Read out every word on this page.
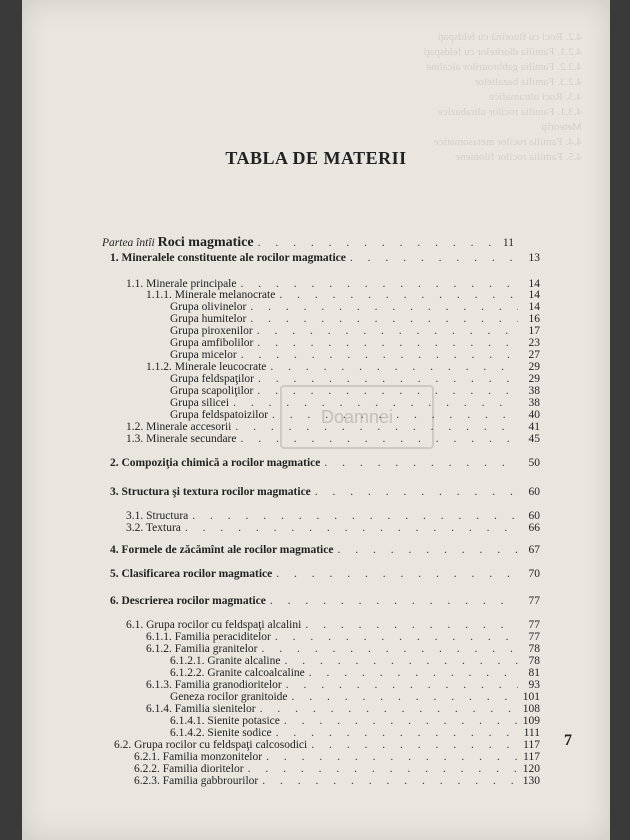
4.2. Roci cu fluorină cu feldspaţi
4.2.1. Familia dioritelor cu feldspaţi
4.2.2. Familia gabbrourilor alcaline
4.2.3. Familia bazaltelor
4.3. Roci ultramafice
4.3.1. Familia rocilor ultrabazice
Meteoriţi
4.4. Familia rocilor metasomatice
4.5. Familia rocilor filoniene
TABLA DE MATERII
Doamnei
Partea întîi Roci magmatice . . .	11
1. Mineralele constituente ale rocilor magmatice . . .	13
1.1. Minerale principale . . .	14
1.1.1. Minerale melanocrate . . .	14
Grupa olivinelor . . .	14
Grupa humitelor . . .	16
Grupa piroxenilor . . .	17
Grupa amfibolilor . . .	23
Grupa micelor . . .	27
1.1.2. Minerale leucocrate . . .	29
Grupa feldspaţilor . . .	29
Grupa scapoliţilor . . .	38
Grupa silicei . . .	38
Grupa feldspatoizilor . . .	40
1.2. Minerale accesorii . . .	41
1.3. Minerale secundare . . .	45
2. Compoziţia chimică a rocilor magmatice . . .	50
3. Structura şi textura rocilor magmatice . . .	60
3.1. Structura . . .	60
3.2. Textura . . .	66
4. Formele de zăcămînt ale rocilor magmatice . . .	67
5. Clasificarea rocilor magmatice . . .	70
6. Descrierea rocilor magmatice . . .	77
6.1. Grupa rocilor cu feldspaţi alcalini . . .	77
6.1.1. Familia peraciditelor . . .	77
6.1.2. Familia granitelor . . .	78
6.1.2.1. Granite alcaline . . .	78
6.1.2.2. Granite calcoalcaline . . .	81
6.1.3. Familia granodioritelor . . .	93
Geneza rocilor granitoide . . .	101
6.1.4. Familia sienitelor . . .	108
6.1.4.1. Sienite potasice . . .	109
6.1.4.2. Sienite sodice . . .	111
6.2. Grupa rocilor cu feldspaţi calcosodici . . .	117
6.2.1. Familia monzonitelor . . .	117
6.2.2. Familia dioritelor . . .	120
6.2.3. Familia gabbrourilor . . .	130
7
